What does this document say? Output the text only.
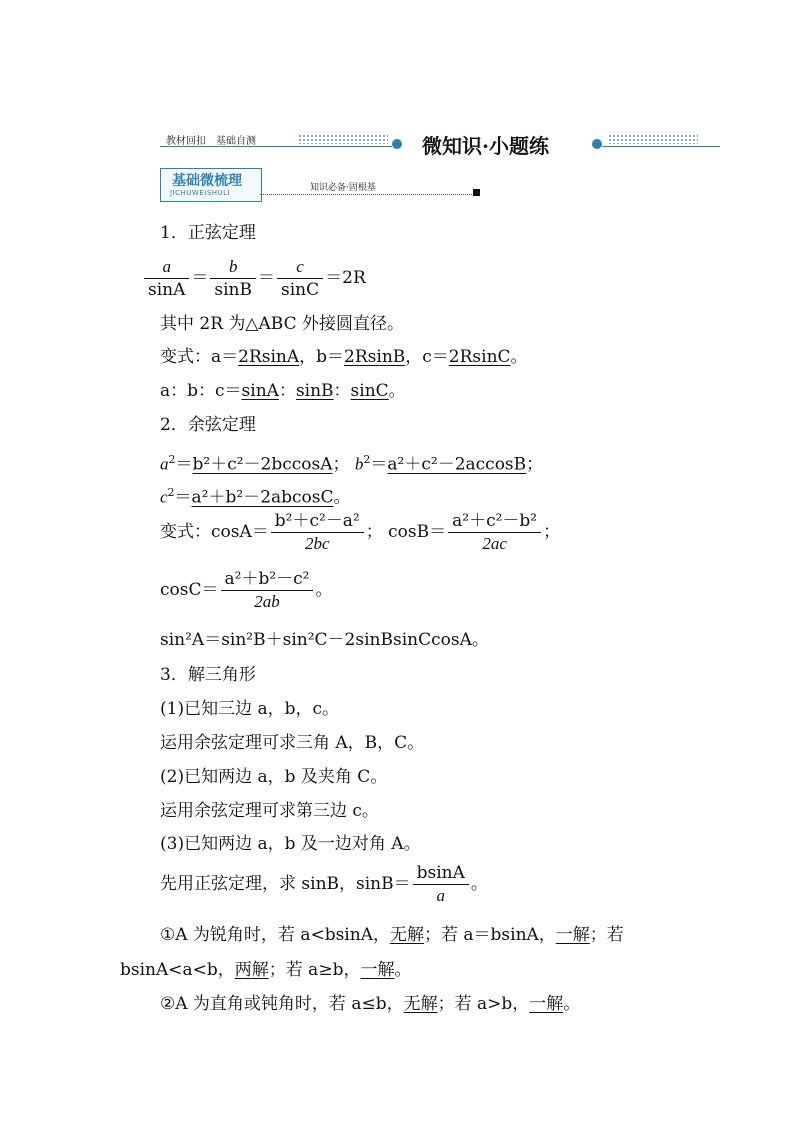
教材回扣　基础自测	微知识·小题练
基础微梳理
JICHUWEISHULI	知识必备·固根基
1．正弦定理
$\frac{a}{\sin A} = \frac{b}{\sin B} = \frac{c}{\sin C} =2R$
其中 2R 为△ABC 外接圆直径。
变式：a＝2RsinA，b＝2RsinB，c＝2RsinC。
a：b：c＝sinA：sinB：sinC。
2．余弦定理
$a^2=b^2+c^2-2bccosA$； $b^2=a^2+c^2-2accosB$；
$c^2=a^2+b^2-2abcosC$。
变式：$\cos A= \frac{\text{b²＋c²－a²}}{2bc}$ ； $\cos B= \frac{\text{a²＋c²－b²}}{2ac}$ ；
$\cos C= \frac{\text{a²＋b²－c²}}{2ab}$ 。
sin²A＝sin²B＋sin²C－2sinBsinCcosA。
3．解三角形
(1)已知三边 a，b，c。
运用余弦定理可求三角 A，B，C。
(2)已知两边 a，b 及夹角 C。
运用余弦定理可求第三边 c。
(3)已知两边 a，b 及一边对角 A。
先用正弦定理，求 sinB，$\sin B= \frac{bsinA}{a}$ 。
①A 为锐角时，若 a<bsinA，无解；若 a＝bsinA，一解；若
bsinA<a<b，两解；若 a≥b，一解。
②A 为直角或钝角时，若 a≤b，无解；若 a>b，一解。
